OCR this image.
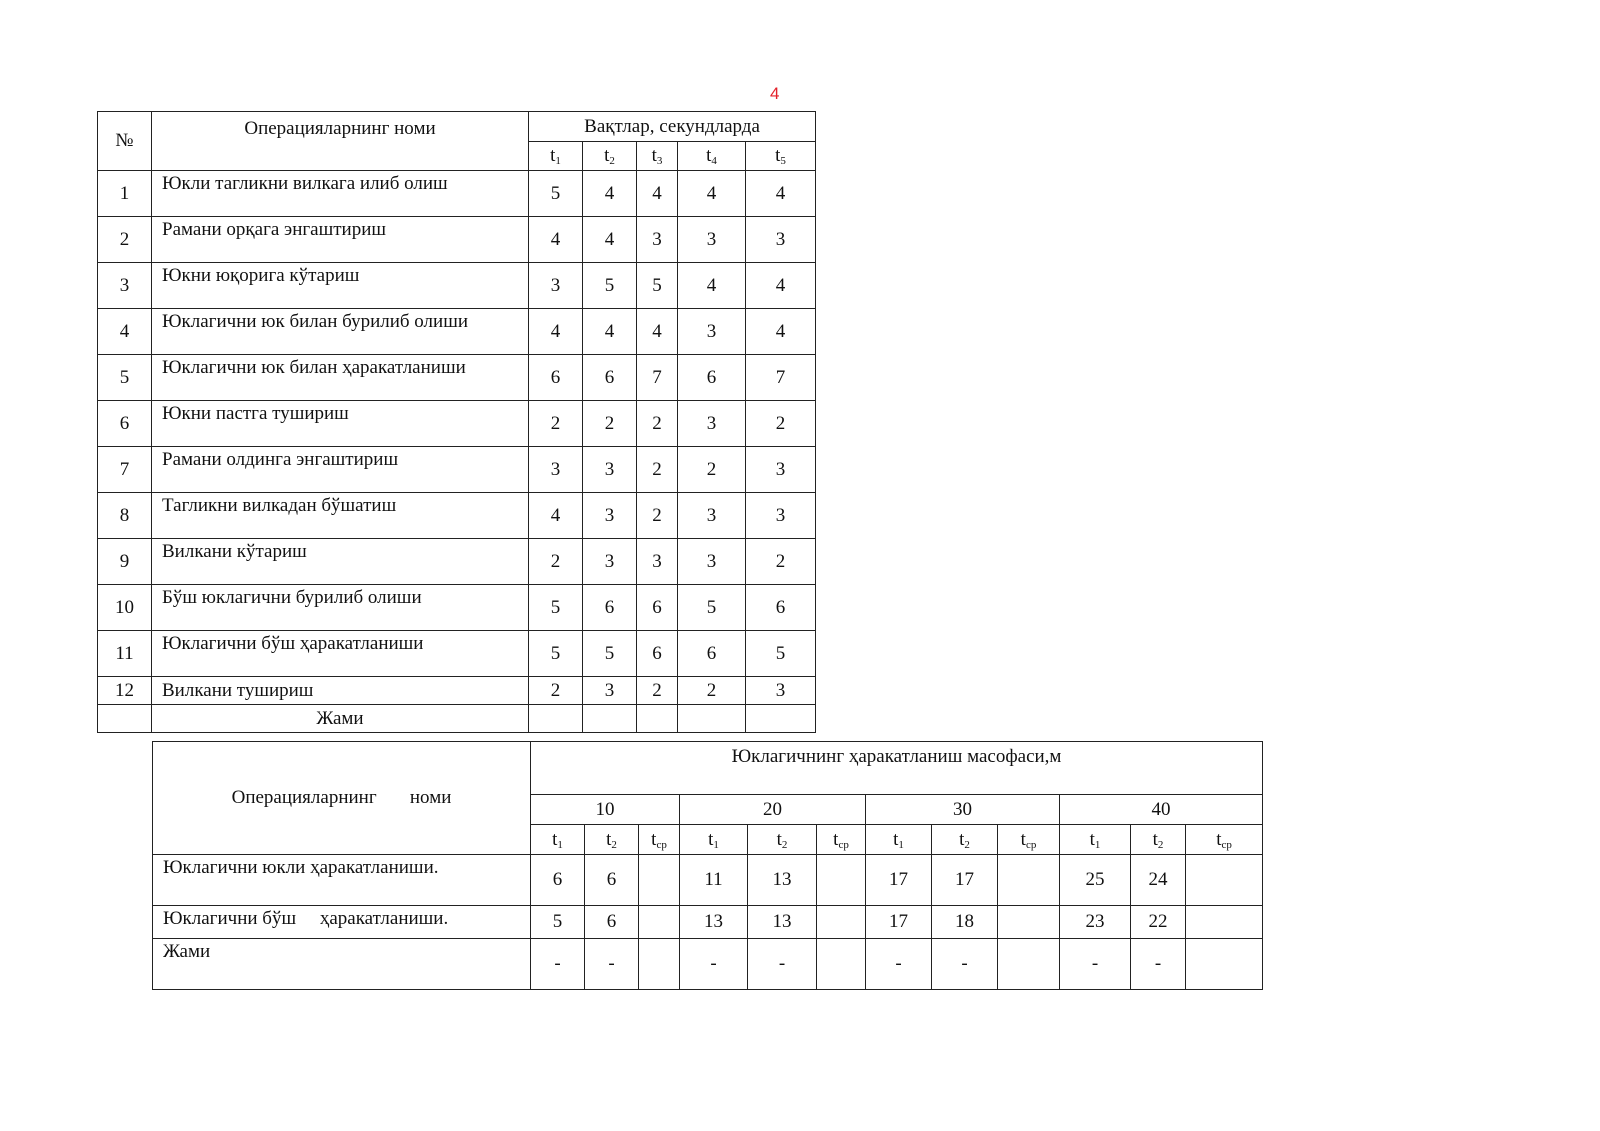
4
№	Операцияларнинг номи	Вақтлар, секундларда				
		$t_1$	$t_2$	$t_3$	$t_4$	$t_5$
1	Юкли тагликни вилкага илиб олиш	5	4	4	4	4
2	Рамани орқага энгаштириш	4	4	3	3	3
3	Юкни юқорига кўтариш	3	5	5	4	4
4	Юклагични юк билан бурилиб олиши	4	4	4	3	4
5	Юклагични юк билан ҳаракатланиши	6	6	7	6	7
6	Юкни пастга тушириш	2	2	2	3	2
7	Рамани олдинга энгаштириш	3	3	2	2	3
8	Тагликни вилкадан бўшатиш	4	3	2	3	3
9	Вилкани кўтариш	2	3	3	3	2
10	Бўш юклагични бурилиб олиши	5	6	6	5	6
11	Юклагични бўш ҳаракатланиши	5	5	6	6	5
12	Вилкани тушириш	2	3	2	2	3
	Жами					
Операцияларнинг номи	Юклагичнинг ҳаракатланиш масофаси,м											
	10			20			30			40		
	$t_1$	$t_2$	$t_{ср}$	$t_1$	$t_2$	$t_{ср}$	$t_1$	$t_2$	$t_{ср}$	$t_1$	$t_2$	$t_{ср}$
Юклагични юкли ҳаракатланиши.	6	6		11	13		17	17		25	24	
Юклагични бўш     ҳаракатланиши.	5	6		13	13		17	18		23	22	
Жами	-	-		-	-		-	-		-	-	
